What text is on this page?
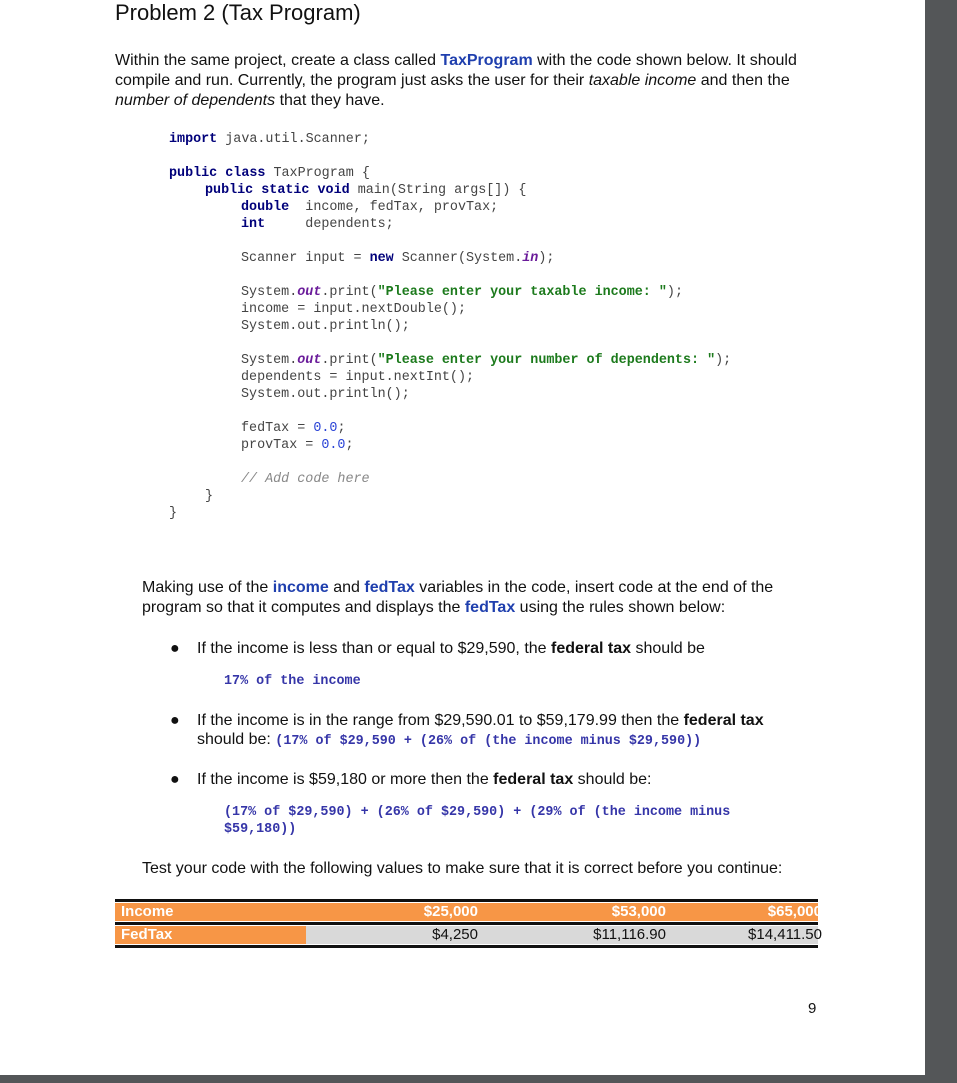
Problem 2 (Tax Program)
Within the same project, create a class called TaxProgram with the code shown below. It should compile and run. Currently, the program just asks the user for their taxable income and then the number of dependents that they have.
import java.util.Scanner;
public class TaxProgram {
public static void main(String args[]) {
double  income, fedTax, provTax;
int     dependents;
Scanner input = new Scanner(System.in);
System.out.print("Please enter your taxable income: ");
income = input.nextDouble();
System.out.println();
System.out.print("Please enter your number of dependents: ");
dependents = input.nextInt();
System.out.println();
fedTax = 0.0;
provTax = 0.0;
// Add code here
}
}
Making use of the income and fedTax variables in the code, insert code at the end of the program so that it computes and displays the fedTax using the rules shown below:
● If the income is less than or equal to $29,590, the federal tax should be
17% of the income
● If the income is in the range from $29,590.01 to $59,179.99 then the federal tax
should be: (17% of $29,590 + (26% of (the income minus $29,590))
● If the income is $59,180 or more then the federal tax should be:
(17% of $29,590) + (26% of $29,590) + (29% of (the income minus $59,180))
Test your code with the following values to make sure that it is correct before you continue:
Income	$25,000	$53,000	$65,000
FedTax	$4,250	$11,116.90	$14,411.50
9
